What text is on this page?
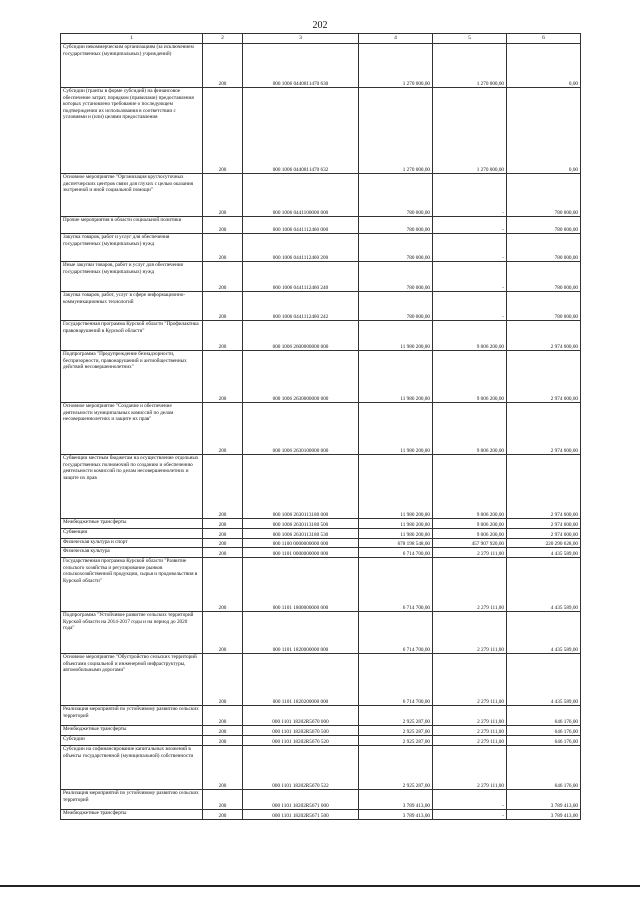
202
1	2	3	4	5	6
Субсидии некоммерческим организациям (за исключением государственных (муниципальных) учреждений)	200	000 1006 0440811470 630	1 270 000,00	1 270 000,00	0,00
Субсидии (гранты в форме субсидий) на финансовое обеспечение затрат, порядком (правилами) предоставления которых установлено требование о последующем подтверждении их использования в соответствии с условиями и (или) целями предоставления	200	000 1006 0440811470 632	1 270 000,00	1 270 000,00	0,00
Основное мероприятие "Организация круглосуточных диспетчерских центров связи для глухих с целью оказания экстренной и иной социальной помощи"	200	000 1006 0441100000 000	780 000,00	-	780 000,00
Прочие мероприятия в области социальной политики	200	000 1006 0441112460 000	780 000,00	-	780 000,00
Закупка товаров, работ и услуг для обеспечения государственных (муниципальных) нужд	200	000 1006 0441112460 200	780 000,00	-	780 000,00
Иные закупки товаров, работ и услуг для обеспечения государственных (муниципальных) нужд	200	000 1006 0441112460 240	780 000,00	-	780 000,00
Закупка товаров, работ, услуг в сфере информационно-коммуникационных технологий	200	000 1006 0441112460 242	780 000,00	-	780 000,00
Государственная программа Курской области "Профилактика правонарушений в Курской области"	200	000 1006 2600000000 000	11 980 200,00	9 006 200,00	2 974 000,00
Подпрограмма "Предупреждение безнадзорности, беспризорности, правонарушений и антиобщественных действий несовершеннолетних"	200	000 1006 2630000000 000	11 980 200,00	9 006 200,00	2 974 000,00
Основное мероприятие "Создание и обеспечение деятельности муниципальных комиссий по делам несовершеннолетних и защите их прав"	200	000 1006 2630100000 000	11 980 200,00	9 006 200,00	2 974 000,00
Субвенции местным бюджетам на осуществление отдельных государственных полномочий по созданию и обеспечению деятельности комиссий по делам несовершеннолетних и защите их прав	200	000 1006 2630113180 000	11 980 200,00	9 006 200,00	2 974 000,00
Межбюджетные трансферты	200	000 1006 2630113180 500	11 980 200,00	9 006 200,00	2 974 000,00
Субвенции	200	000 1006 2630113180 530	11 980 200,00	9 006 200,00	2 974 000,00
Физическая культура и спорт	200	000 1100 0000000000 000	678 198 548,00	457 907 920,00	220 290 628,00
Физическая культура	200	000 1101 0000000000 000	6 714 700,00	2 279 111,00	4 435 589,00
Государственная программа Курской области "Развитие сельского хозяйства и регулирование рынков сельскохозяйственной продукции, сырья и продовольствия в Курской области"	200	000 1101 1800000000 000	6 714 700,00	2 279 111,00	4 435 589,00
Подпрограмма "Устойчивое развитие сельских территорий Курской области на 2014-2017 годы и на период до 2020 года"	200	000 1101 1820000000 000	6 714 700,00	2 279 111,00	4 435 589,00
Основное мероприятие "Обустройство сельских территорий объектами социальной и инженерной инфраструктуры, автомобильными дорогами"	200	000 1101 1820200000 000	6 714 700,00	2 279 111,00	4 435 589,00
Реализация мероприятий по устойчивому развитию сельских территорий	200	000 1101 18202R5670 000	2 925 287,00	2 279 111,00	646 176,00
Межбюджетные трансферты	200	000 1101 18202R5670 500	2 925 287,00	2 279 111,00	646 176,00
Субсидии	200	000 1101 18202R5670 520	2 925 287,00	2 279 111,00	646 176,00
Субсидии на софинансирование капитальных вложений в объекты государственной (муниципальной) собственности	200	000 1101 18202R5670 522	2 925 287,00	2 279 111,00	646 176,00
Реализация мероприятий по устойчивому развитию сельских территорий	200	000 1101 18202R5671 000	3 789 413,00	-	3 789 413,00
Межбюджетные трансферты	200	000 1101 18202R5671 500	3 789 413,00	-	3 789 413,00
